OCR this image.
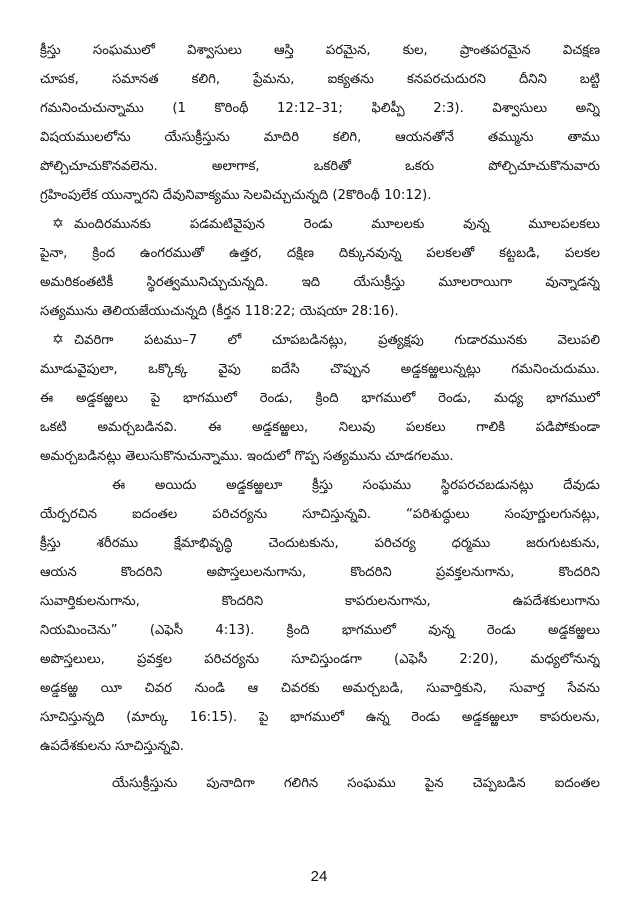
క్రీస్తు సంఘములో విశ్వాసులు ఆస్తి పరమైన, కుల, ప్రాంతపరమైన విచక్షణ
చూపక, సమానత కలిగి, ప్రేమను, ఐక్యతను కనపరచుదురని దీనిని బట్టి
గమనించుచున్నాము (1 కొరింథీ 12:12–31; ఫిలిప్పీ 2:3). విశ్వాసులు అన్ని
విషయములలోను యేసుక్రీస్తును మాదిరి కలిగి, ఆయనతోనే తమ్మును తాము
పోల్చిచూచుకొనవలెను. అలాగాక, ఒకరితో ఒకరు పోల్చిచూచుకొనువారు
గ్రహింపులేక యున్నారని దేవునివాక్యము సెలవిచ్చుచున్నది (2కొరింథీ 10:12).
✡ మందిరమునకు పడమటివైపున రెండు మూలలకు వున్న మూలపలకలు
పైనా, క్రింద ఉంగరముతో ఉత్తర, దక్షిణ దిక్కునవున్న పలకలతో కట్టబడి, పలకల
అమరికంతటికీ స్థిరత్వమునిచ్చుచున్నది. ఇది యేసుక్రీస్తు మూలరాయిగా వున్నాడన్న
సత్యమును తెలియజేయుచున్నది (కీర్తన 118:22; యెషయా 28:16).
✡ చివరిగా పటము–7 లో చూపబడినట్లు, ప్రత్యక్షపు గుడారమునకు వెలుపలి
మూడువైపులా, ఒక్కొక్క వైపు ఐదేసి చొప్పున అడ్డకఱ్ఱలున్నట్లు గమనించుదుము.
ఈ అడ్డకఱ్ఱలు పై భాగములో రెండు, క్రింది భాగములో రెండు, మధ్య భాగములో
ఒకటి అమర్చబడినవి. ఈ అడ్డకఱ్ఱలు, నిలువు పలకలు గాలికి పడిపోకుండా
అమర్చబడినట్లు తెలుసుకొనుచున్నాము. ఇందులో గొప్ప సత్యమును చూడగలము.
ఈ అయిదు అడ్డకఱ్ఱలూ క్రీస్తు సంఘము స్థిరపరచబడునట్లు దేవుడు
యేర్పరచిన ఐదంతల పరిచర్యను సూచిస్తున్నవి. “పరిశుద్ధులు సంపూర్ణులగునట్లు,
క్రీస్తు శరీరము క్షేమాభివృద్ధి చెందుటకును, పరిచర్య ధర్మము జరుగుటకును,
ఆయన కొందరిని అపొస్తలులనుగాను, కొందరిని ప్రవక్తలనుగాను, కొందరిని
సువార్తికులనుగాను, కొందరిని కాపరులనుగాను, ఉపదేశకులుగాను
నియమించెను” (ఎఫెసీ 4:13). క్రింది భాగములో వున్న రెండు అడ్డకఱ్ఱలు
అపొస్తలులు, ప్రవక్తల పరిచర్యను సూచిస్తుండగా (ఎఫెసీ 2:20), మధ్యలోనున్న
అడ్డకఱ్ఱ యీ చివర నుండి ఆ చివరకు అమర్చబడి, సువార్తికుని, సువార్త సేవను
సూచిస్తున్నది (మార్కు 16:15). పై భాగములో ఉన్న రెండు అడ్డకఱ్ఱలూ కాపరులను,
ఉపదేశకులను సూచిస్తున్నవి.
యేసుక్రీస్తును పునాదిగా గలిగిన సంఘము పైన చెప్పబడిన ఐదంతల
24
